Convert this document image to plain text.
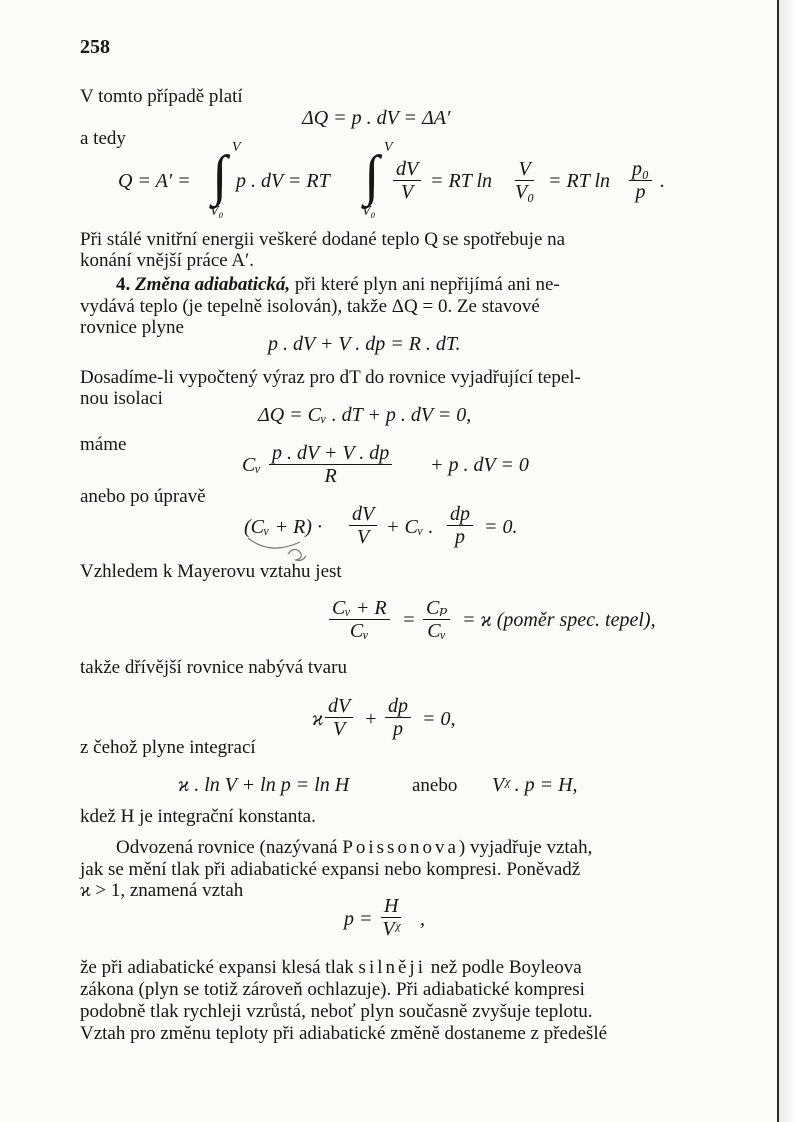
258
V tomto případě platí
ΔQ = p . dV = ΔA′
a tedy
Q = A′ = ∫ V
V₀
p . dV = RT ∫ V
V₀
$\frac{dV}{V}$ = RT $\ln \frac{V}{\text{V₀}}$ = RT $\ln \frac{\text{p₀}}{p}$ .
Při stálé vnitřní energii veškeré dodané teplo Q se spotřebuje na
konání vnější práce A′.
4. Změna adiabatická, při které plyn ani nepřijímá ani ne-
vydává teplo (je tepelně isolován), takže ΔQ = 0. Ze stavové
rovnice plyne
p . dV + V . dp = R . dT.
Dosadíme-li vypočtený výraz pro dT do rovnice vyjadřující tepel-
nou isolaci
ΔQ = Cᵥ . dT + p . dV = 0,
máme
Cᵥ $\frac{p . dV + V . dp}{R} + p$ . dV = 0
anebo po úpravě
(Cᵥ + $R) \cdot \frac{dV}{V}$ + Cᵥ . $\frac{dp}{p} = 0$.
Vzhledem k Mayerovu vztahu jest
$\frac{\text{Cᵥ + R}}{\text{Cᵥ}} = \frac{\text{Cₚ}}{\text{Cᵥ}} = ϰ$ (poměr spec. tepel),
takže dřívější rovnice nabývá tvaru
ϰ $\frac{dV}{V} + \frac{dp}{p} = 0$,
z čehož plyne integrací
ϰ . ln V + ln p = ln H	anebo Vᵡ . p = H,
kdež H je integrační konstanta.
Odvozená rovnice (nazývaná Poissonova) vyjadřuje vztah,
jak se mění tlak při adiabatické expansi nebo kompresi. Poněvadž
ϰ > 1, znamená vztah
$p = \frac{H}{\text{Vᵡ}}$ ,
že při adiabatické expansi klesá tlak silněji než podle Boyleova
zákona (plyn se totiž zároveň ochlazuje). Při adiabatické kompresi
podobně tlak rychleji vzrůstá, neboť plyn současně zvyšuje teplotu.
Vztah pro změnu teploty při adiabatické změně dostaneme z předešlé
